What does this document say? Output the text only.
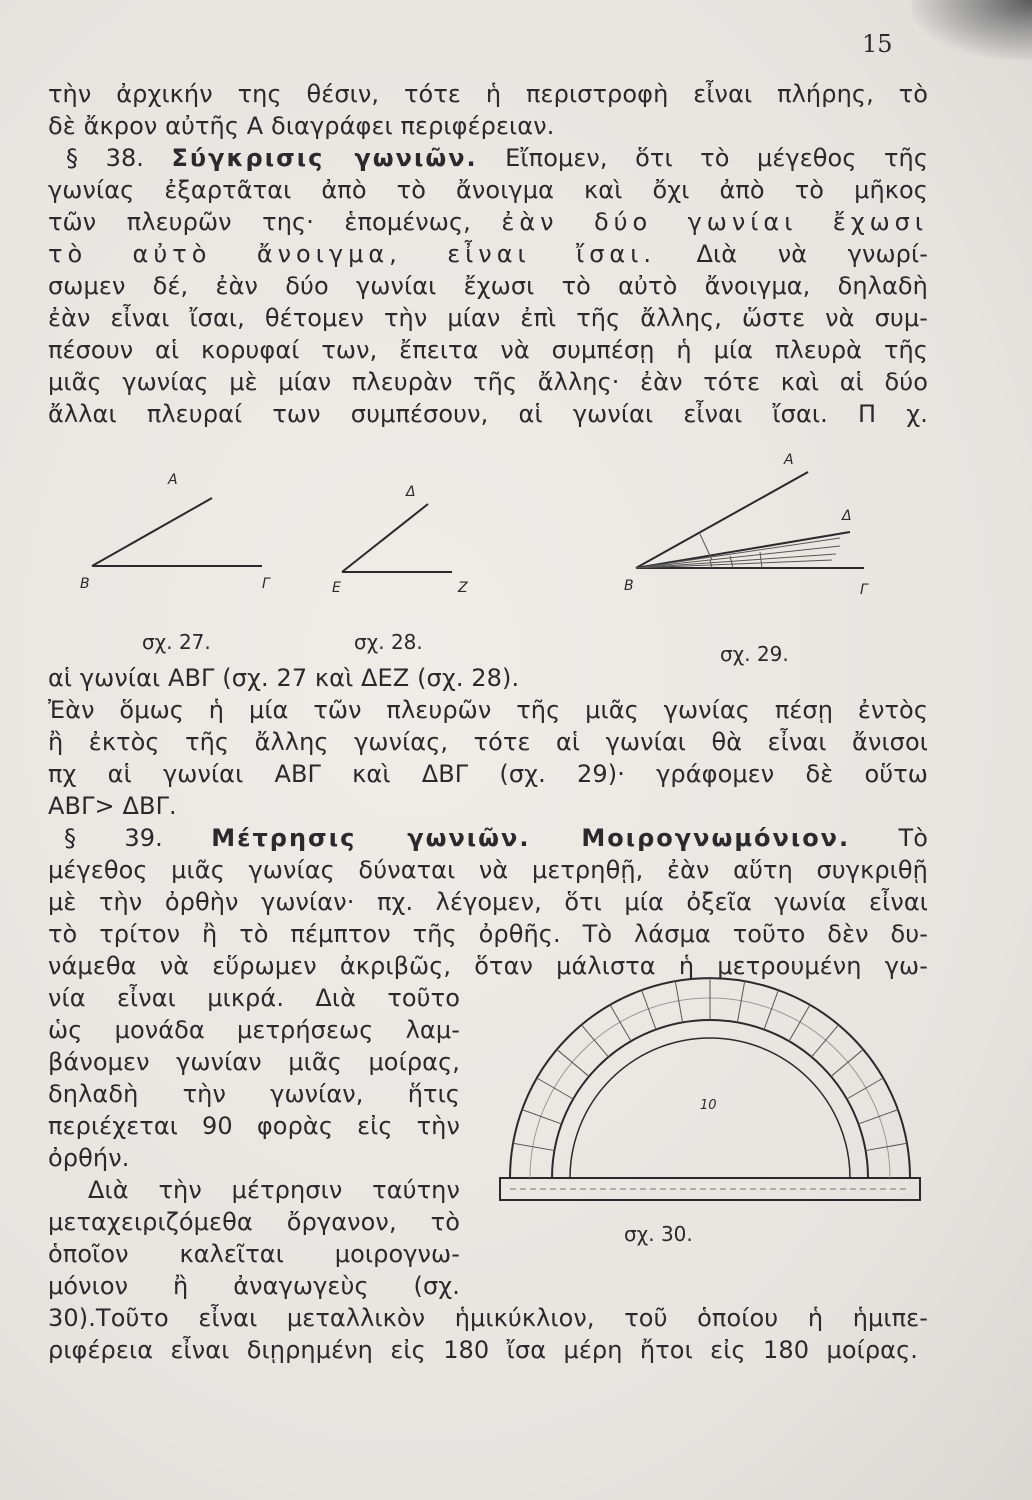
15
τὴν ἀρχικήν της θέσιν, τότε ἡ περιστροφὴ εἶναι πλήρης, τὸ
δὲ ἄκρον αὐτῆς Α διαγράφει περιφέρειαν.
§ 38. Σύγκρισις γωνιῶν. Εἴπομεν, ὅτι τὸ μέγεθος τῆς
γωνίας ἐξαρτᾶται ἀπὸ τὸ ἄνοιγμα καὶ ὄχι ἀπὸ τὸ μῆκος
τῶν πλευρῶν της· ἑπομένως, ἐὰν δύο γωνίαι ἔχωσι
τὸ αὐτὸ ἄνοιγμα, εἶναι ἴσαι. Διὰ νὰ γνωρί-
σωμεν δέ, ἐὰν δύο γωνίαι ἔχωσι τὸ αὐτὸ ἄνοιγμα, δηλαδὴ
ἐὰν εἶναι ἴσαι, θέτομεν τὴν μίαν ἐπὶ τῆς ἄλλης, ὥστε νὰ συμ-
πέσουν αἱ κορυφαί των, ἔπειτα νὰ συμπέσῃ ἡ μία πλευρὰ τῆς
μιᾶς γωνίας μὲ μίαν πλευρὰν τῆς ἄλλης· ἐὰν τότε καὶ αἱ δύο
ἄλλαι πλευραί των συμπέσουν, αἱ γωνίαι εἶναι ἴσαι. Π χ.
Α
Β	Γ
σχ. 27.
Δ
Ε	Ζ
σχ. 28.
Α
Δ
Β	Γ
σχ. 29.
αἱ γωνίαι ΑΒΓ (σχ. 27 καὶ ΔΕΖ (σχ. 28).
Ἐὰν ὅμως ἡ μία τῶν πλευρῶν τῆς μιᾶς γωνίας πέσῃ ἐντὸς
ἢ ἐκτὸς τῆς ἄλλης γωνίας, τότε αἱ γωνίαι θὰ εἶναι ἄνισοι
πχ αἱ γωνίαι ΑΒΓ καὶ ΔΒΓ (σχ. 29)· γράφομεν δὲ οὕτω
ΑΒΓ> ΔΒΓ.
§ 39. Μέτρησις γωνιῶν. Μοιρογνωμόνιον. Τὸ
μέγεθος μιᾶς γωνίας δύναται νὰ μετρηθῇ, ἐὰν αὕτη συγκριθῇ
μὲ τὴν ὀρθὴν γωνίαν· πχ. λέγομεν, ὅτι μία ὀξεῖα γωνία εἶναι
τὸ τρίτον ἢ τὸ πέμπτον τῆς ὀρθῆς. Τὸ λάσμα τοῦτο δὲν δυ-
νάμεθα νὰ εὕρωμεν ἀκριβῶς, ὅταν μάλιστα ἡ μετρουμένη γω-
νία εἶναι μικρά. Διὰ τοῦτο
ὡς μονάδα μετρήσεως λαμ-
βάνομεν γωνίαν μιᾶς μοίρας,
δηλαδὴ τὴν γωνίαν, ἥτις
περιέχεται 90 φορὰς εἰς τὴν
ὀρθήν.
Διὰ τὴν μέτρησιν ταύτην
μεταχειριζόμεθα ὄργανον, τὸ
ὁποῖον καλεῖται μοιρογνω-
μόνιον ἢ ἀναγωγεὺς (σχ.
10
σχ. 30.
30).Τοῦτο εἶναι μεταλλικὸν ἡμικύκλιον, τοῦ ὁποίου ἡ ἡμιπε-
ριφέρεια εἶναι διῃρημένη εἰς 180 ἴσα μέρη ἤτοι εἰς 180 μοίρας.
